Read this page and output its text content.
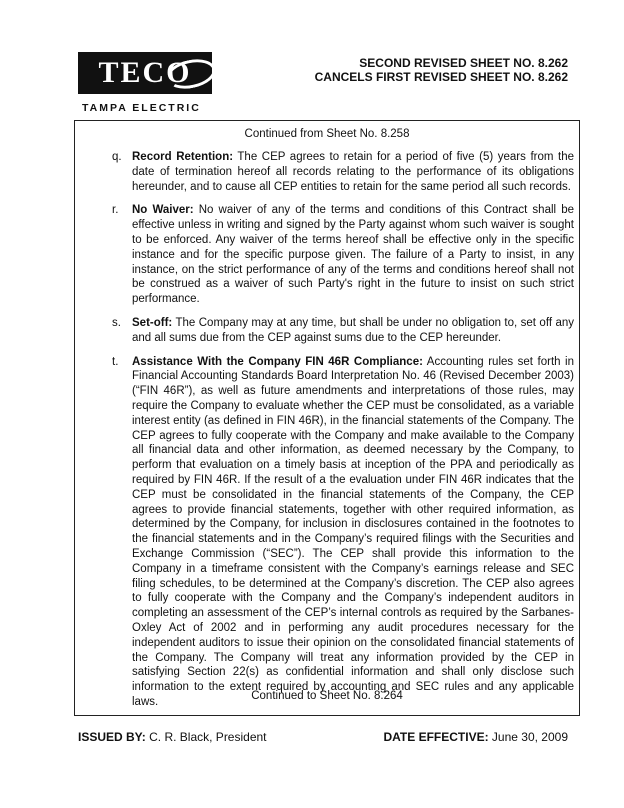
TECO
TAMPA ELECTRIC
SECOND REVISED SHEET NO. 8.262
CANCELS FIRST REVISED SHEET NO. 8.262
Continued from Sheet No. 8.258
q. Record Retention: The CEP agrees to retain for a period of five (5) years from the date of termination hereof all records relating to the performance of its obligations hereunder, and to cause all CEP entities to retain for the same period all such records.
r. No Waiver: No waiver of any of the terms and conditions of this Contract shall be effective unless in writing and signed by the Party against whom such waiver is sought to be enforced. Any waiver of the terms hereof shall be effective only in the specific instance and for the specific purpose given. The failure of a Party to insist, in any instance, on the strict performance of any of the terms and conditions hereof shall not be construed as a waiver of such Party's right in the future to insist on such strict performance.
s. Set-off: The Company may at any time, but shall be under no obligation to, set off any and all sums due from the CEP against sums due to the CEP hereunder.
t. Assistance With the Company FIN 46R Compliance: Accounting rules set forth in Financial Accounting Standards Board Interpretation No. 46 (Revised December 2003) (“FIN 46R”), as well as future amendments and interpretations of those rules, may require the Company to evaluate whether the CEP must be consolidated, as a variable interest entity (as defined in FIN 46R), in the financial statements of the Company. The CEP agrees to fully cooperate with the Company and make available to the Company all financial data and other information, as deemed necessary by the Company, to perform that evaluation on a timely basis at inception of the PPA and periodically as required by FIN 46R. If the result of a the evaluation under FIN 46R indicates that the CEP must be consolidated in the financial statements of the Company, the CEP agrees to provide financial statements, together with other required information, as determined by the Company, for inclusion in disclosures contained in the footnotes to the financial statements and in the Company’s required filings with the Securities and Exchange Commission (“SEC”). The CEP shall provide this information to the Company in a timeframe consistent with the Company’s earnings release and SEC filing schedules, to be determined at the Company’s discretion. The CEP also agrees to fully cooperate with the Company and the Company’s independent auditors in completing an assessment of the CEP’s internal controls as required by the Sarbanes-Oxley Act of 2002 and in performing any audit procedures necessary for the independent auditors to issue their opinion on the consolidated financial statements of the Company. The Company will treat any information provided by the CEP in satisfying Section 22(s) as confidential information and shall only disclose such information to the extent required by accounting and SEC rules and any applicable laws.	Continued to Sheet No. 8.264
ISSUED BY: C. R. Black, President	DATE EFFECTIVE: June 30, 2009
